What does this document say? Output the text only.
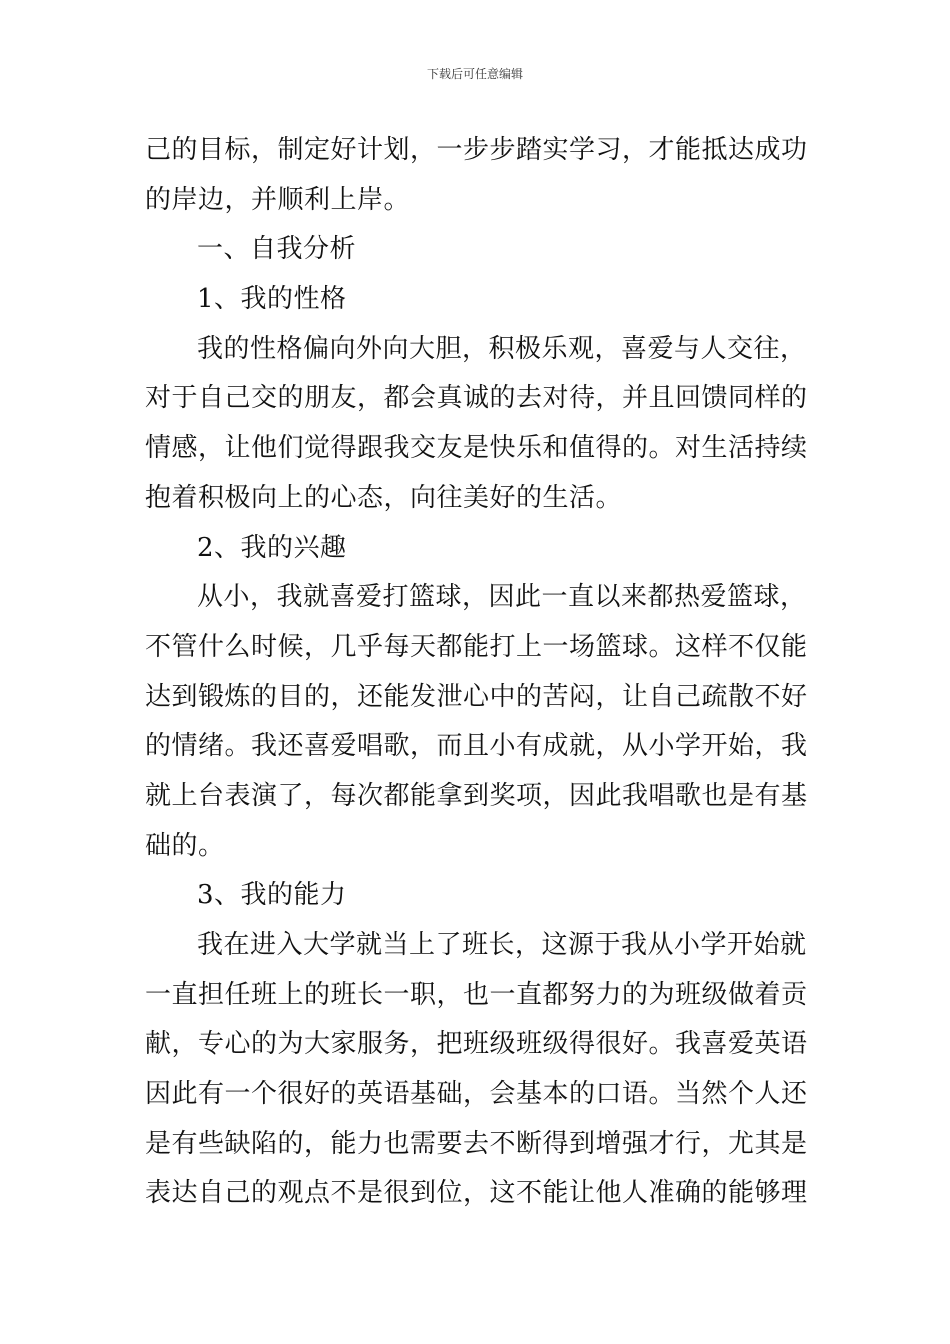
下载后可任意编辑
己的目标，制定好计划，一步步踏实学习，才能抵达成功
的岸边，并顺利上岸。
一、自我分析
1、我的性格
我的性格偏向外向大胆，积极乐观，喜爱与人交往，
对于自己交的朋友，都会真诚的去对待，并且回馈同样的
情感，让他们觉得跟我交友是快乐和值得的。对生活持续
抱着积极向上的心态，向往美好的生活。
2、我的兴趣
从小，我就喜爱打篮球，因此一直以来都热爱篮球，
不管什么时候，几乎每天都能打上一场篮球。这样不仅能
达到锻炼的目的，还能发泄心中的苦闷，让自己疏散不好
的情绪。我还喜爱唱歌，而且小有成就，从小学开始，我
就上台表演了，每次都能拿到奖项，因此我唱歌也是有基
础的。
3、我的能力
我在进入大学就当上了班长，这源于我从小学开始就
一直担任班上的班长一职，也一直都努力的为班级做着贡
献，专心的为大家服务，把班级班级得很好。我喜爱英语
因此有一个很好的英语基础，会基本的口语。当然个人还
是有些缺陷的，能力也需要去不断得到增强才行，尤其是
表达自己的观点不是很到位，这不能让他人准确的能够理
